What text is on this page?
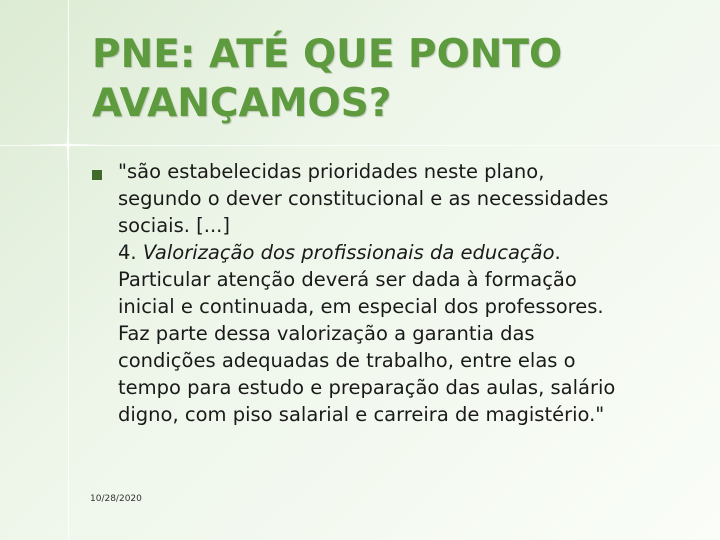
PNE: ATÉ QUE PONTO
AVANÇAMOS?

"são estabelecidas prioridades neste plano,

segundo o dever constitucional e as necessidades

sociais. [...]

4. Valorização dos profissionais da educação.

Particular atenção deverá ser dada à formação

inicial e continuada, em especial dos professores.

Faz parte dessa valorização a garantia das

condições adequadas de trabalho, entre elas o

tempo para estudo e preparação das aulas, salário

digno, com piso salarial e carreira de magistério."

10/28/2020
